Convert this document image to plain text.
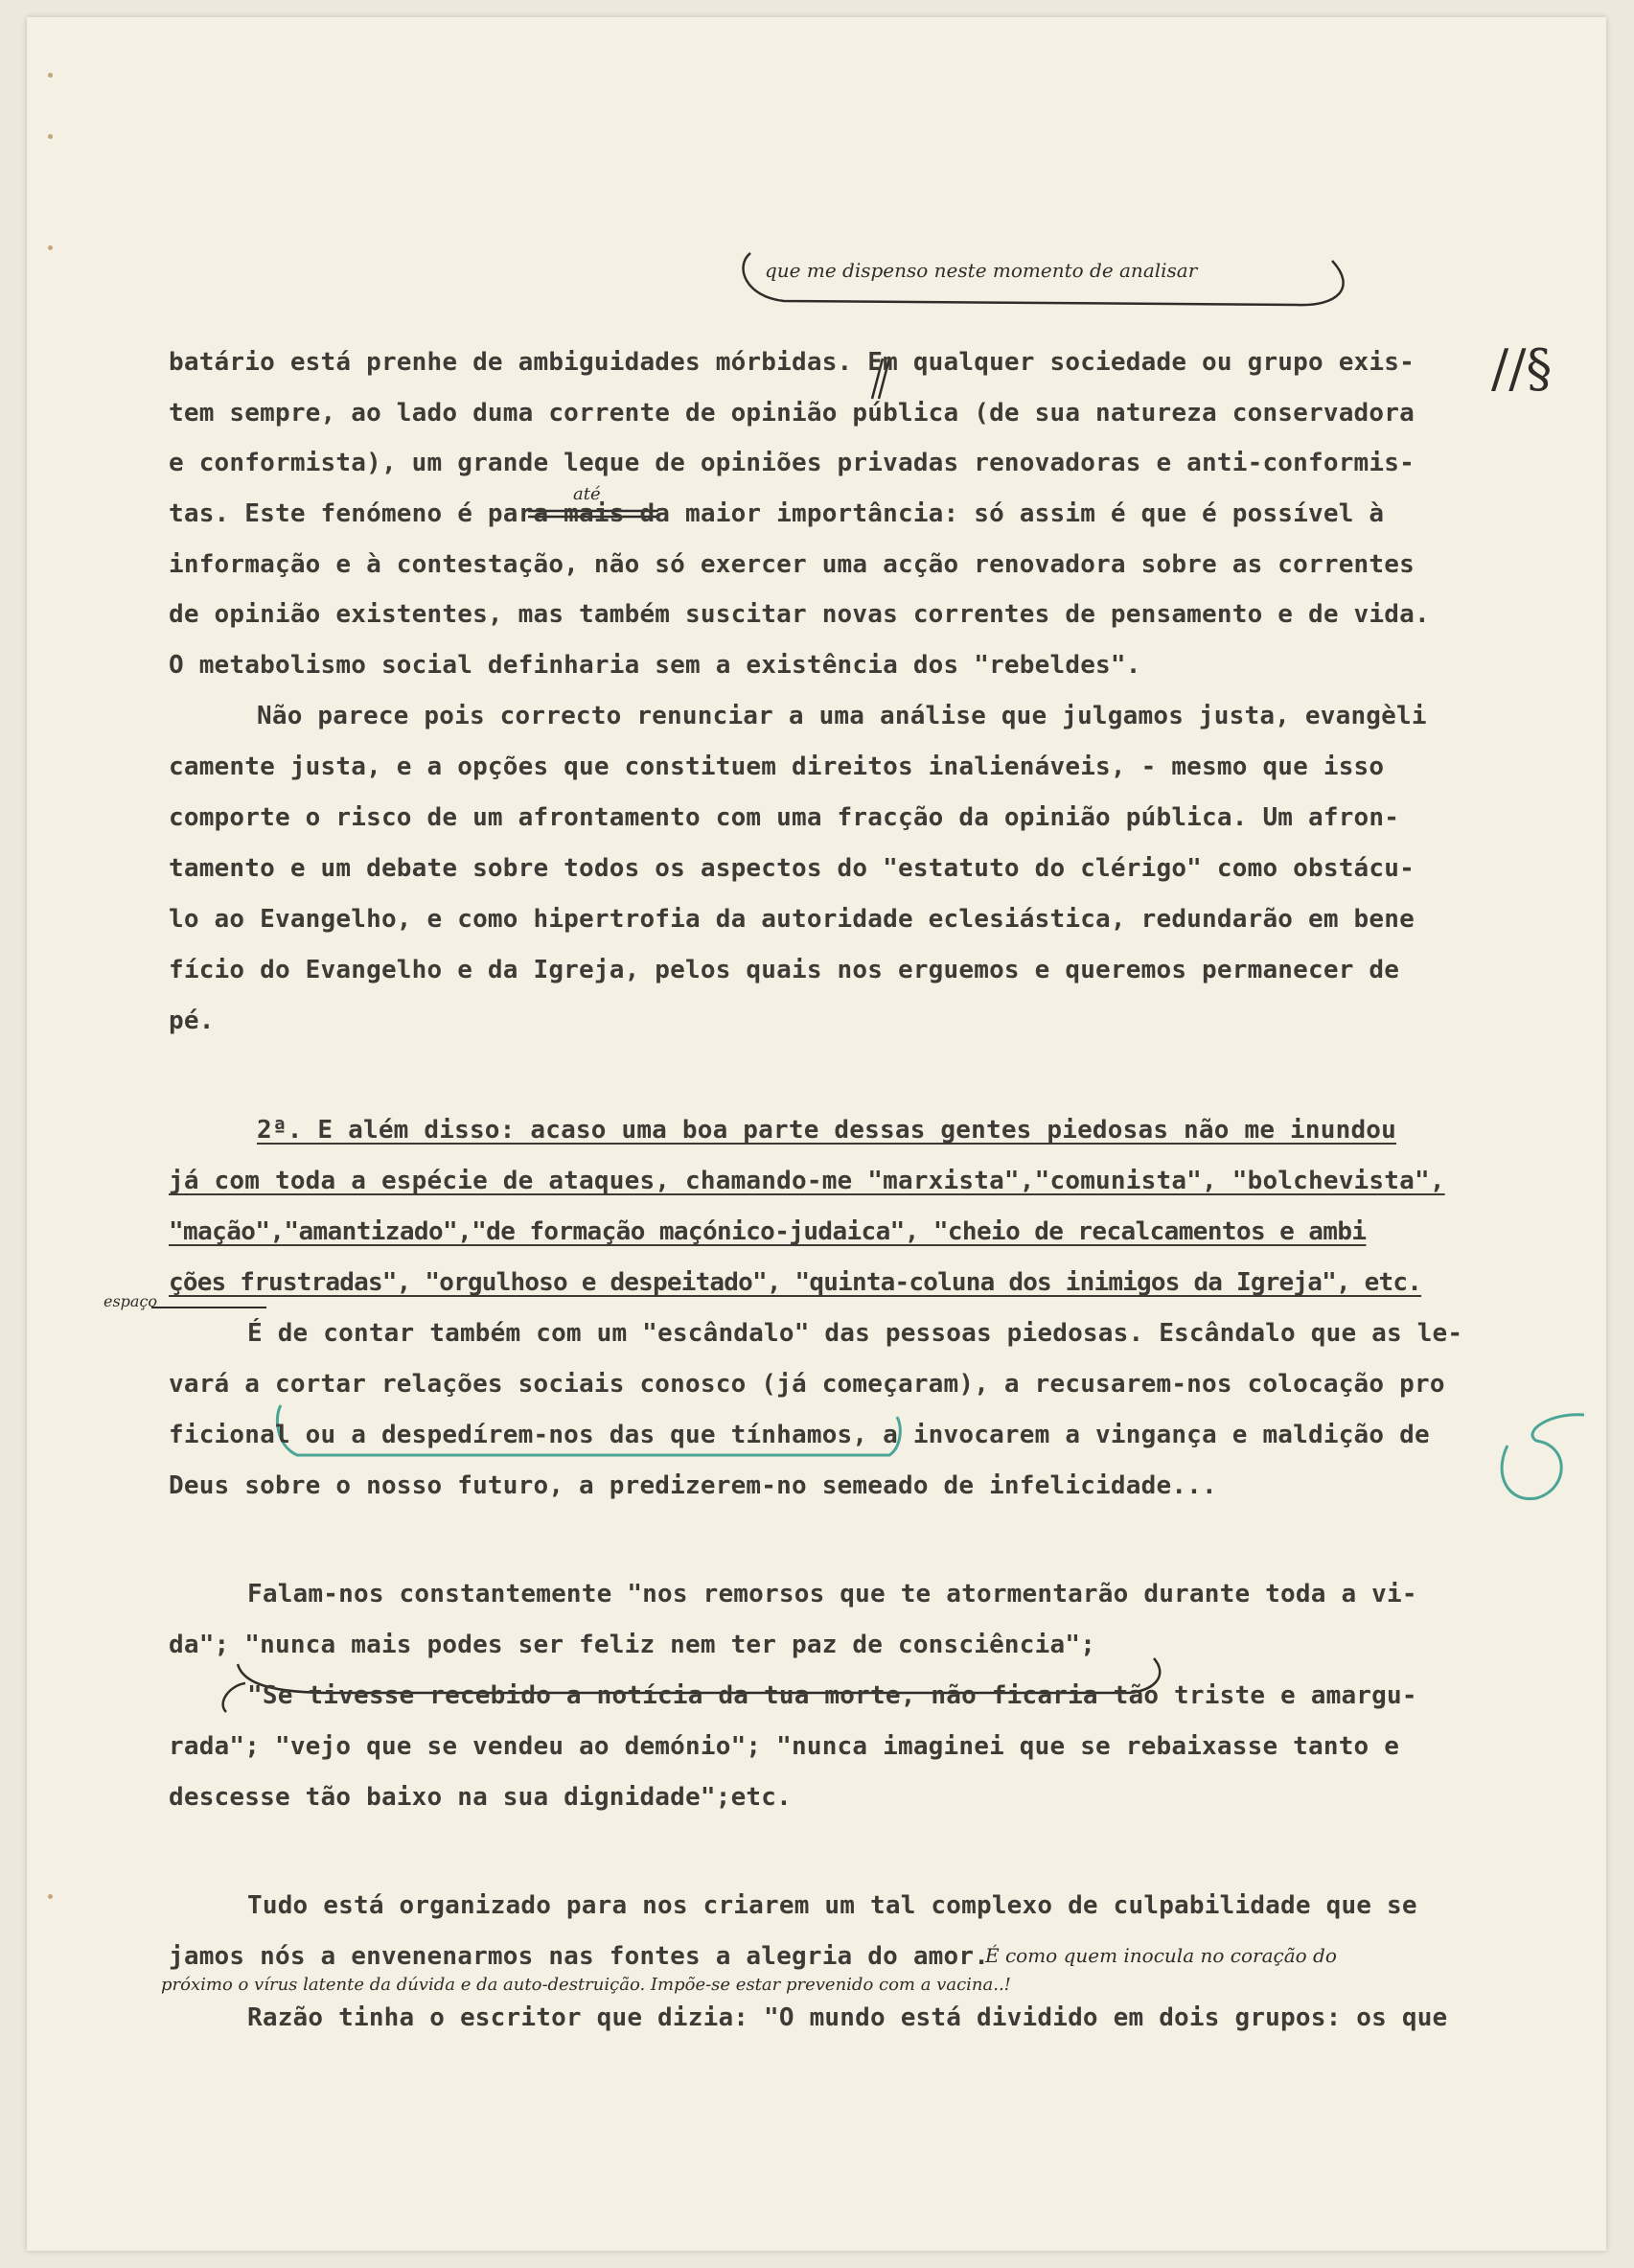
que me dispenso neste momento de analisar
//§
até
espaço
batário está prenhe de ambiguidades mórbidas. Em qualquer sociedade ou grupo exis-
tem sempre, ao lado duma corrente de opinião pública (de sua natureza conservadora
e conformista), um grande leque de opiniões privadas renovadoras e anti-conformis-
tas. Este fenómeno é para mais da maior importância: só assim é que é possível à
informação e à contestação, não só exercer uma acção renovadora sobre as correntes
de opinião existentes, mas também suscitar novas correntes de pensamento e de vida.
O metabolismo social definharia sem a existência dos "rebeldes".
Não parece pois correcto renunciar a uma análise que julgamos justa, evangèli
camente justa, e a opções que constituem direitos inalienáveis, - mesmo que isso
comporte o risco de um afrontamento com uma fracção da opinião pública. Um afron-
tamento e um debate sobre todos os aspectos do "estatuto do clérigo" como obstácu-
lo ao Evangelho, e como hipertrofia da autoridade eclesiástica, redundarão em bene
fício do Evangelho e da Igreja, pelos quais nos erguemos e queremos permanecer de
pé.
2ª. E além disso: acaso uma boa parte dessas gentes piedosas não me inundou
já com toda a espécie de ataques, chamando-me "marxista","comunista", "bolchevista",
"mação","amantizado","de formação maçónico-judaica", "cheio de recalcamentos e ambi
ções frustradas", "orgulhoso e despeitado", "quinta-coluna dos inimigos da Igreja", etc.
É de contar também com um "escândalo" das pessoas piedosas. Escândalo que as le-
vará a cortar relações sociais conosco (já começaram), a recusarem-nos colocação pro
ficional ou a despedírem-nos das que tínhamos, a invocarem a vingança e maldição de
Deus sobre o nosso futuro, a predizerem-no semeado de infelicidade...
Falam-nos constantemente "nos remorsos que te atormentarão durante toda a vi-
da"; "nunca mais podes ser feliz nem ter paz de consciência";
"Se tivesse recebido a notícia da tua morte, não ficaria tão triste e amargu-
rada"; "vejo que se vendeu ao demónio"; "nunca imaginei que se rebaixasse tanto e
descesse tão baixo na sua dignidade";etc.
Tudo está organizado para nos criarem um tal complexo de culpabilidade que se
jamos nós a envenenarmos nas fontes a alegria do amor.
É como quem inocula no coração do
próximo o vírus latente da dúvida e da auto-destruição. Impõe-se estar prevenido com a vacina..!
Razão tinha o escritor que dizia: "O mundo está dividido em dois grupos: os que
